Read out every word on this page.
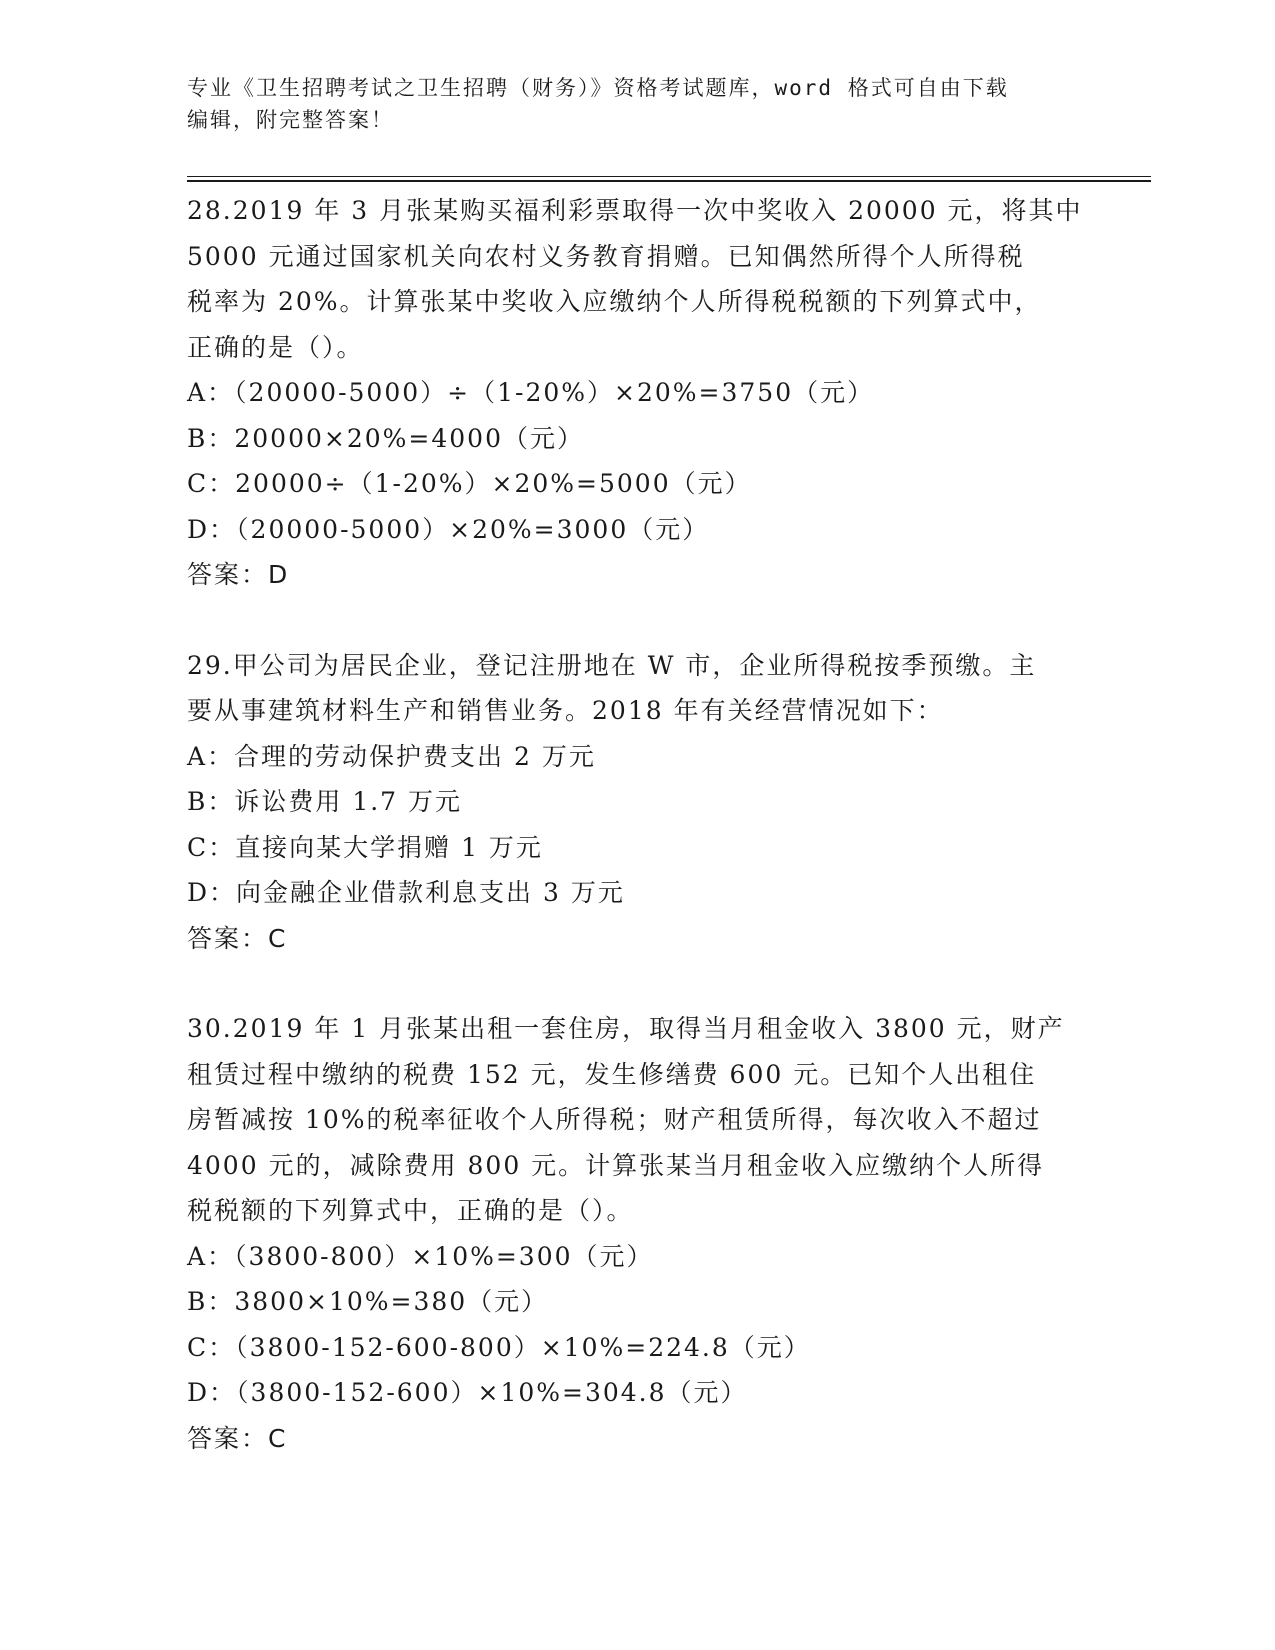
专业《卫生招聘考试之卫生招聘（财务）》资格考试题库，word 格式可自由下载
编辑，附完整答案！
28.2019 年 3 月张某购买福利彩票取得一次中奖收入 20000 元，将其中
5000 元通过国家机关向农村义务教育捐赠。已知偶然所得个人所得税
税率为 20%。计算张某中奖收入应缴纳个人所得税税额的下列算式中，
正确的是（）。
A：（20000-5000）÷（1-20%）×20%=3750（元）
B：20000×20%=4000（元）
C：20000÷（1-20%）×20%=5000（元）
D：（20000-5000）×20%=3000（元）
答案：D
29.甲公司为居民企业，登记注册地在 W 市，企业所得税按季预缴。主
要从事建筑材料生产和销售业务。2018 年有关经营情况如下：
A：合理的劳动保护费支出 2 万元
B：诉讼费用 1.7 万元
C：直接向某大学捐赠 1 万元
D：向金融企业借款利息支出 3 万元
答案：C
30.2019 年 1 月张某出租一套住房，取得当月租金收入 3800 元，财产
租赁过程中缴纳的税费 152 元，发生修缮费 600 元。已知个人出租住
房暂减按 10%的税率征收个人所得税；财产租赁所得，每次收入不超过
4000 元的，减除费用 800 元。计算张某当月租金收入应缴纳个人所得
税税额的下列算式中，正确的是（）。
A：（3800-800）×10%=300（元）
B：3800×10%=380（元）
C：（3800-152-600-800）×10%=224.8（元）
D：（3800-152-600）×10%=304.8（元）
答案：C
